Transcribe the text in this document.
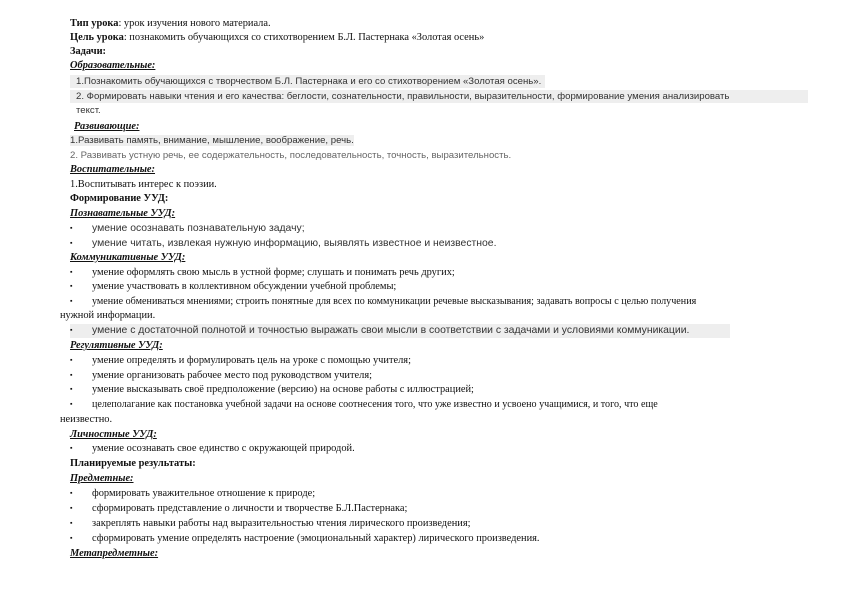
Тип урока: урок изучения нового материала.
Цель урока: познакомить обучающихся со стихотворением Б.Л. Пастернака «Золотая осень»
Задачи:
Образовательные:
1.Познакомить обучающихся с творчеством Б.Л. Пастернака и его со стихотворением «Золотая осень».
2. Формировать навыки чтения и его качества: беглости, сознательности, правильности, выразительности, формирование умения анализировать
текст.
Развивающие:
1.Развивать память, внимание, мышление, воображение, речь.
2. Развивать устную речь, ее содержательность, последовательность, точность, выразительность.
Воспитательные:
1.Воспитывать интерес к поэзии.
Формирование УУД:
Познавательные УУД:
▪	умение осознавать познавательную задачу;
▪	умение читать, извлекая нужную информацию, выявлять известное и неизвестное.
Коммуникативные УУД:
▪	умение оформлять свою мысль в устной форме; слушать и понимать речь других;
▪	умение участвовать в коллективном обсуждении учебной проблемы;
▪	умение обмениваться мнениями; строить понятные для всех по коммуникации речевые высказывания; задавать вопросы с целью получения
нужной информации.
▪	умение с достаточной полнотой и точностью выражать свои мысли в соответствии с задачами и условиями коммуникации.
Регулятивные УУД:
▪	умение определять и формулировать цель на уроке с помощью учителя;
▪	умение организовать рабочее место под руководством учителя;
▪	умение высказывать своё предположение (версию) на основе работы с иллюстрацией;
▪	целеполагание как постановка учебной задачи на основе соотнесения того, что уже известно и усвоено учащимися, и того, что еще
неизвестно.
Личностные УУД:
▪	умение осознавать свое единство с окружающей природой.
Планируемые результаты:
Предметные:
▪	формировать уважительное отношение к природе;
▪	сформировать представление о личности и творчестве Б.Л.Пастернака;
▪	закреплять навыки работы над выразительностью чтения лирического произведения;
▪	сформировать умение определять настроение (эмоциональный характер) лирического произведения.
Метапредметные:
